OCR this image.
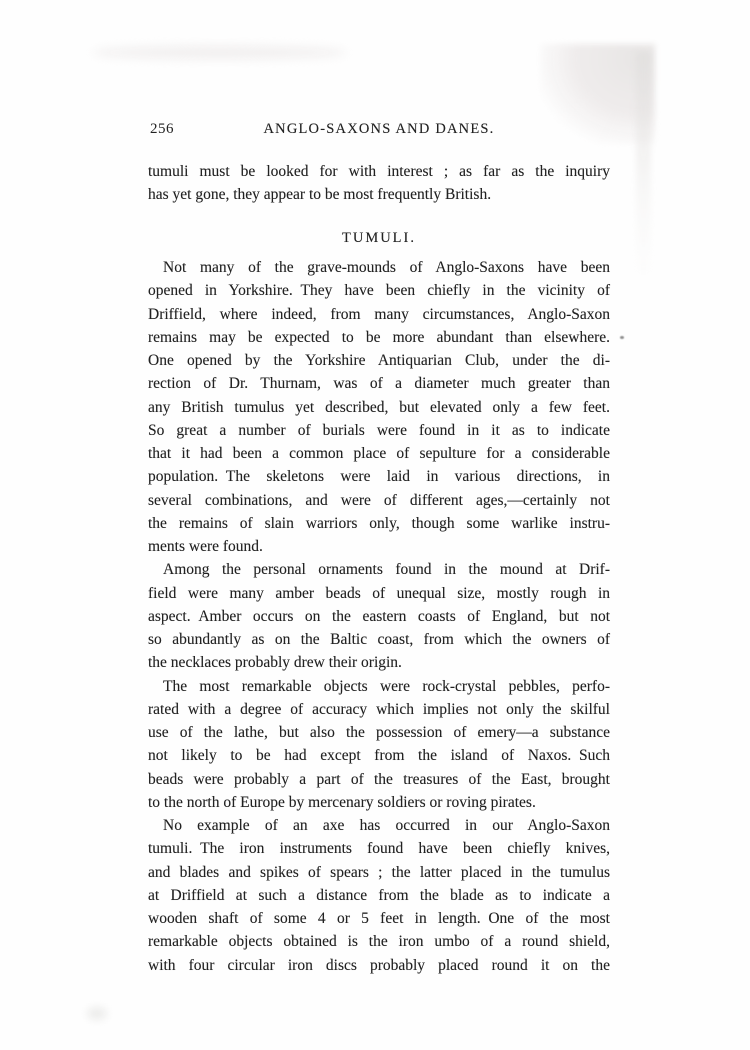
256	ANGLO-SAXONS AND DANES.
tumuli must be looked for with interest ; as far as the inquiry
has yet gone, they appear to be most frequently British.
TUMULI.
Not many of the grave-mounds of Anglo-Saxons have been
opened in Yorkshire. They have been chiefly in the vicinity of
Driffield, where indeed, from many circumstances, Anglo-Saxon
remains may be expected to be more abundant than elsewhere.
One opened by the Yorkshire Antiquarian Club, under the di-
rection of Dr. Thurnam, was of a diameter much greater than
any British tumulus yet described, but elevated only a few feet.
So great a number of burials were found in it as to indicate
that it had been a common place of sepulture for a considerable
population. The skeletons were laid in various directions, in
several combinations, and were of different ages,—certainly not
the remains of slain warriors only, though some warlike instru-
ments were found.
Among the personal ornaments found in the mound at Drif-
field were many amber beads of unequal size, mostly rough in
aspect. Amber occurs on the eastern coasts of England, but not
so abundantly as on the Baltic coast, from which the owners of
the necklaces probably drew their origin.
The most remarkable objects were rock-crystal pebbles, perfo-
rated with a degree of accuracy which implies not only the skilful
use of the lathe, but also the possession of emery—a substance
not likely to be had except from the island of Naxos. Such
beads were probably a part of the treasures of the East, brought
to the north of Europe by mercenary soldiers or roving pirates.
No example of an axe has occurred in our Anglo-Saxon
tumuli. The iron instruments found have been chiefly knives,
and blades and spikes of spears ; the latter placed in the tumulus
at Driffield at such a distance from the blade as to indicate a
wooden shaft of some 4 or 5 feet in length. One of the most
remarkable objects obtained is the iron umbo of a round shield,
with four circular iron discs probably placed round it on the
